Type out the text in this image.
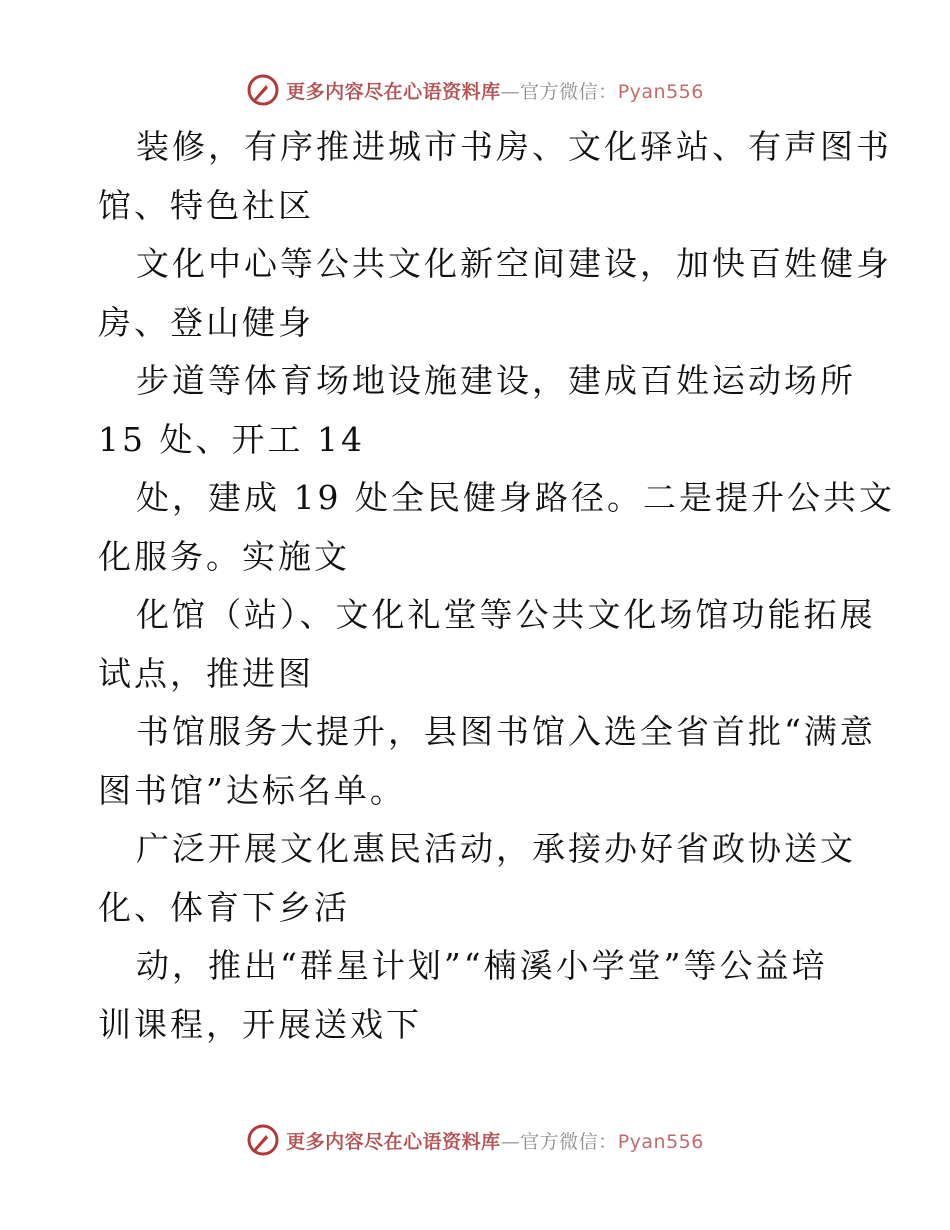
更多内容尽在心语资料库—官方微信：Pyan556
装修，有序推进城市书房、文化驿站、有声图书
馆、特色社区
文化中心等公共文化新空间建设，加快百姓健身
房、登山健身
步道等体育场地设施建设，建成百姓运动场所
15 处、开工 14
处，建成 19 处全民健身路径。二是提升公共文
化服务。实施文
化馆（站）、文化礼堂等公共文化场馆功能拓展
试点，推进图
书馆服务大提升，县图书馆入选全省首批“满意
图书馆”达标名单。
广泛开展文化惠民活动，承接办好省政协送文
化、体育下乡活
动，推出“群星计划”“楠溪小学堂”等公益培
训课程，开展送戏下
更多内容尽在心语资料库—官方微信：Pyan556
